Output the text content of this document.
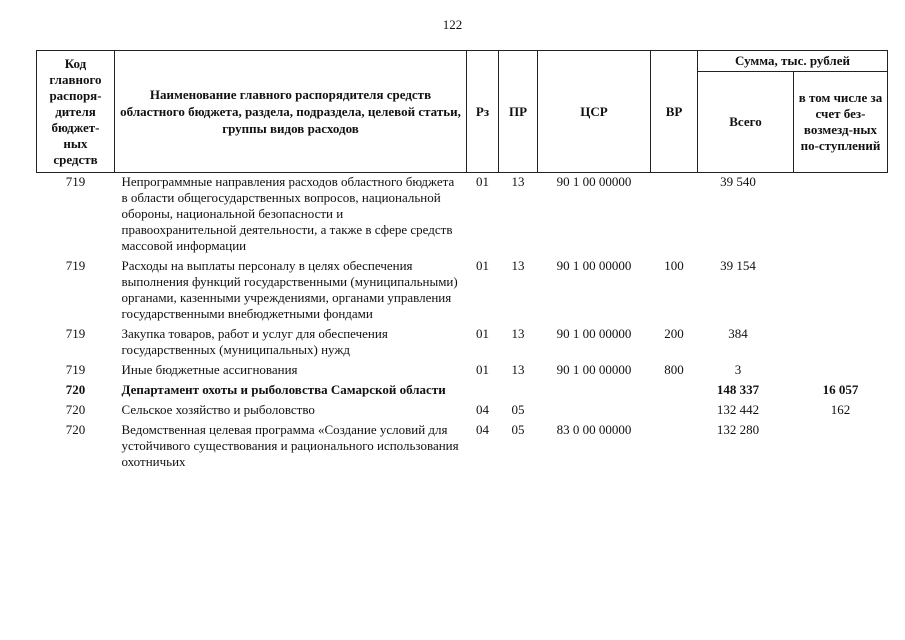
122
Код главного распоря-дителя бюджет-ных средств	Наименование главного распорядителя средств областного бюджета, раздела, подраздела, целевой статьи, группы видов расходов	Рз	ПР	ЦСР	ВР	Сумма, тыс. рублей	
						Всего	в том числе за счет без-возмезд-ных по-ступлений

719	Непрограммные направления расходов областного бюджета в области общегосударственных вопросов, национальной обороны, национальной безопасности и правоохранительной деятельности, а также в сфере средств массовой информации	01	13	90 1 00 00000		39 540	
719	Расходы на выплаты персоналу в целях обеспечения выполнения функций государственными (муниципальными) органами, казенными учреждениями, органами управления государственными внебюджетными фондами	01	13	90 1 00 00000	100	39 154	
719	Закупка товаров, работ и услуг для обеспечения государственных (муниципальных) нужд	01	13	90 1 00 00000	200	384	
719	Иные бюджетные ассигнования	01	13	90 1 00 00000	800	3	
720	Департамент охоты и рыболовства Самарской области					148 337	16 057
720	Сельское хозяйство и рыболовство	04	05			132 442	162
720	Ведомственная целевая программа «Создание условий для устойчивого существования и рационального использования охотничьих	04	05	83 0 00 00000		132 280	
